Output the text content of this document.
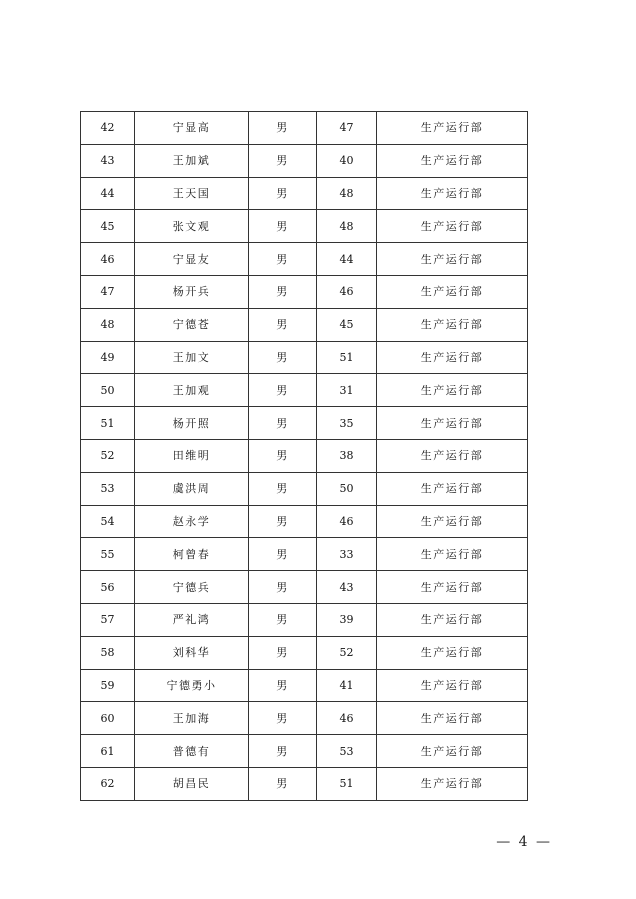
42	宁显高	男	47	生产运行部
43	王加斌	男	40	生产运行部
44	王天国	男	48	生产运行部
45	张文观	男	48	生产运行部
46	宁显友	男	44	生产运行部
47	杨开兵	男	46	生产运行部
48	宁德苍	男	45	生产运行部
49	王加文	男	51	生产运行部
50	王加观	男	31	生产运行部
51	杨开照	男	35	生产运行部
52	田维明	男	38	生产运行部
53	虞洪周	男	50	生产运行部
54	赵永学	男	46	生产运行部
55	柯曾春	男	33	生产运行部
56	宁德兵	男	43	生产运行部
57	严礼鸿	男	39	生产运行部
58	刘科华	男	52	生产运行部
59	宁德勇小	男	41	生产运行部
60	王加海	男	46	生产运行部
61	普德有	男	53	生产运行部
62	胡昌民	男	51	生产运行部
— 4 —
